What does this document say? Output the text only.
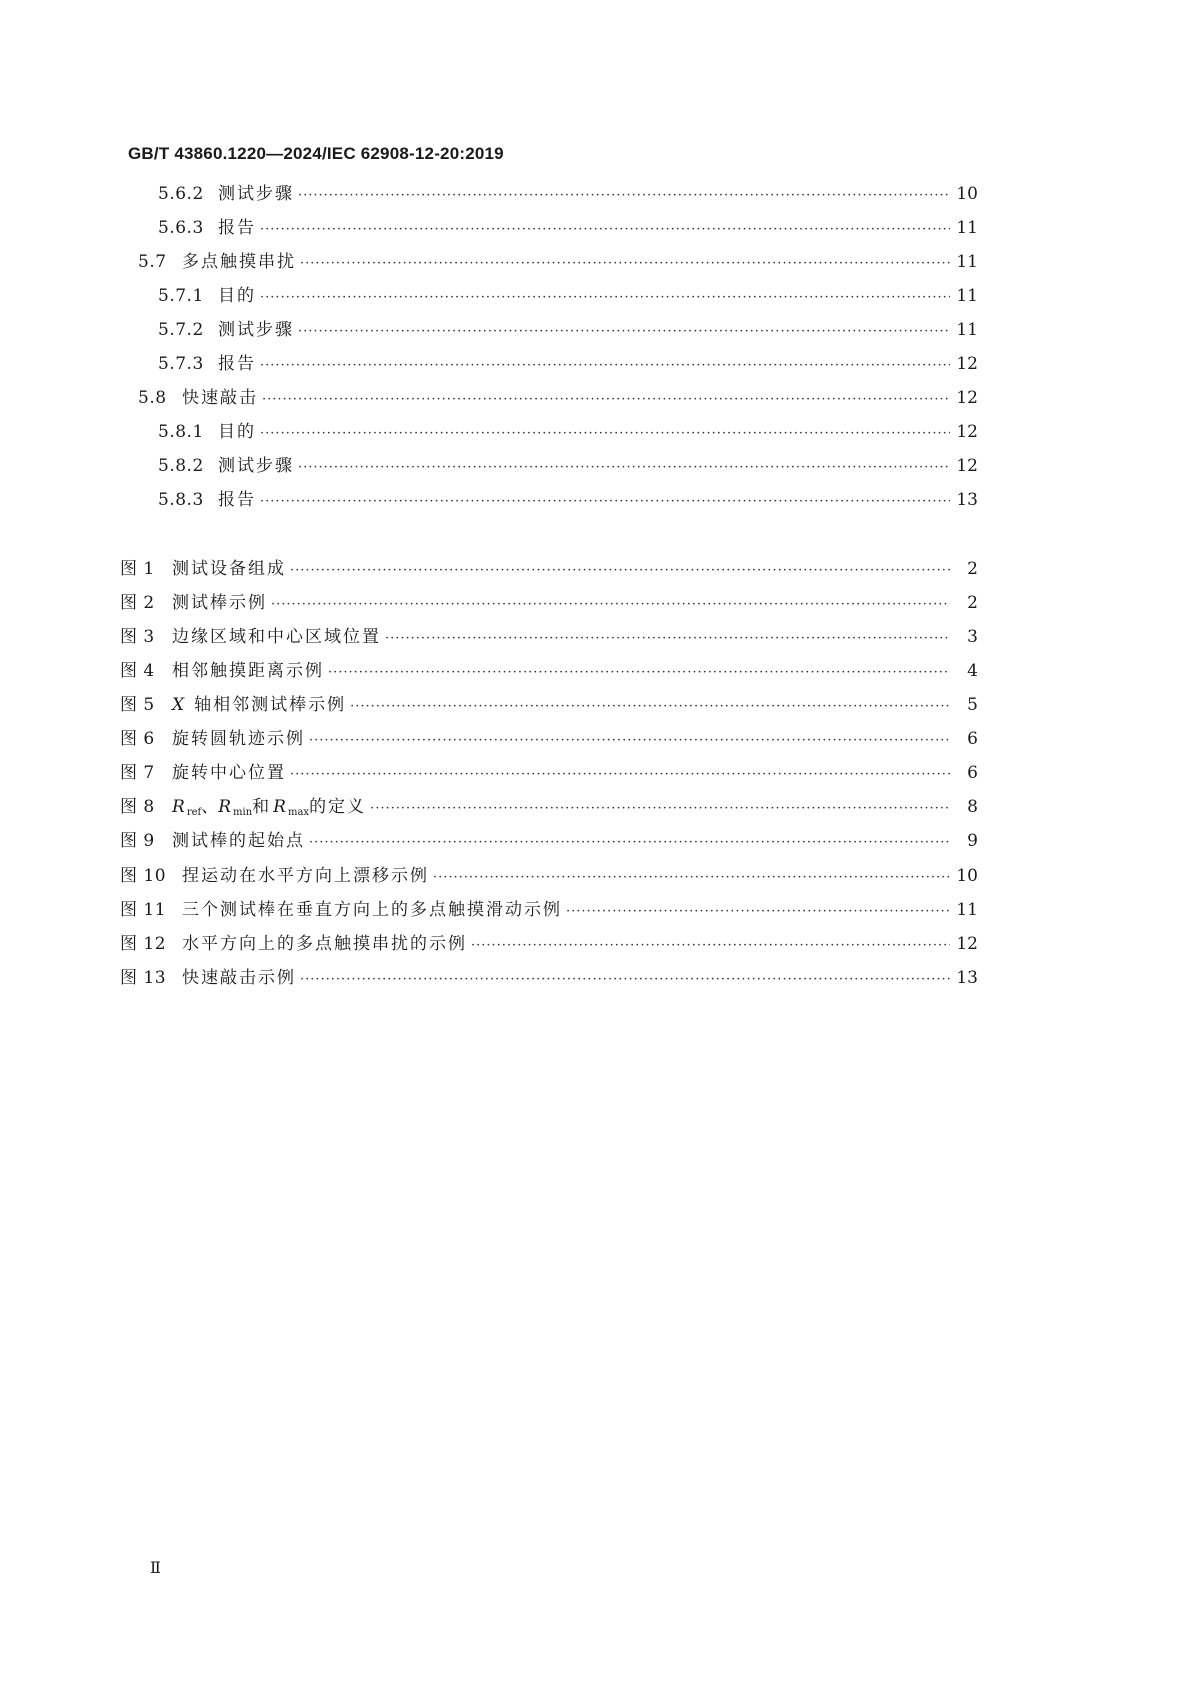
GB/T 43860.1220—2024/IEC 62908-12-20:2019
5.6.2 测试步骤 ·····	10
5.6.3 报告 ·····	11
5.7 多点触摸串扰 ·····	11
5.7.1 目的 ·····	11
5.7.2 测试步骤 ·····	11
5.7.3 报告 ·····	12
5.8 快速敲击 ·····	12
5.8.1 目的 ·····	12
5.8.2 测试步骤 ·····	12
5.8.3 报告 ·····	13
图 1	测试设备组成 ·····	2
图 2	测试棒示例 ·····	2
图 3	边缘区域和中心区域位置 ·····	3
图 4	相邻触摸距离示例 ·····	4
图 5	X 轴相邻测试棒示例 ·····	5
图 6	旋转圆轨迹示例 ·····	6
图 7	旋转中心位置 ·····	6
图 8	R $_{ref}$、R $_{min}$和 R $_{max}$的定义 ·····	8
图 9	测试棒的起始点 ·····	9
图 10 捏运动在水平方向上漂移示例 ·····	10
图 11 三个测试棒在垂直方向上的多点触摸滑动示例 ·····	11
图 12 水平方向上的多点触摸串扰的示例 ·····	12
图 13 快速敲击示例 ·····	13
Ⅱ
